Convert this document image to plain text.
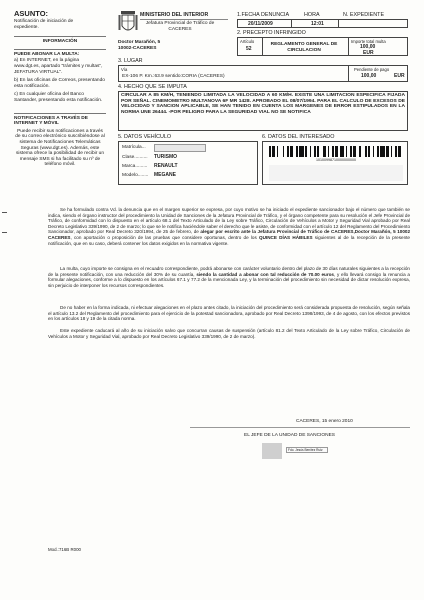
ASUNTO:
Notificación de iniciación de expediente.
INFORMACIÓN
PUEDE ABONAR LA MULTA:
a) En INTERNET, en la página www.dgt.es, apartado "trámites y multas", JEFATURA VIRTUAL".
b) En las oficinas de Correos, presentando esta notificación.
c) En cualquier oficina del Banco Santander, presentando esta notificación.
NOTIFICACIONES A TRAVÉS DE INTERNET Y MÓVIL
Puede recibir sus notificaciones a través de su correo electrónico suscribiéndose al sistema de Notificaciones Telemáticas Seguras (www.dgt.es). Además, este sistema ofrece la posibilidad de recibir un mensaje SMS si ha facilitado su nº de teléfono móvil.
MINISTERIO DEL INTERIOR
Jefatura Provincial de Tráfico de CACERES
Doctor Marañón, 5
10002-CACERES
1.FECHA DENUNCIA	HORA	N. EXPEDIENTE
20/11/2009	12:01
2. PRECEPTO INFRINGIDO
Artículo
52
REGLAMENTO GENERAL DE CIRCULACION
Importe total multa
100,00
EUR
3. LUGAR
Vía
EX-106 P. Km.:63.9 sentido:CORIA (CACERES)
Pendiente de pago
100,00	EUR
4. HECHO QUE SE IMPUTA
CIRCULAR A 85 KM/H, TENIENDO LIMITADA LA VELOCIDAD A 60 KM/H. EXISTE UNA LIMITACION ESPECIFICA FIJADA POR SEÑAL. CINEMOMETRO MULTANOVA 6F MR 1428. APROBADO EL 08/07/1994. PARA EL CALCULO DE EXCESOS DE VELOCIDAD Y SANCION APLICABLE, SE HAN TENIDO EN CUENTA LOS MARGENES DE ERROR ESTIPULADOS EN LA NORMA UNE 26444. -POR PELIGRO PARA LA SEGURIDAD VIAL NO SE NOTIFICA
5. DATOS VEHÍCULO	6. DATOS DEL INTERESADO
Matrícula...
Clase.......... TURISMO
Marca......... RENAULT
Modelo........ MEGANE
10100998710000000000
Se ha formulado contra Vd. la denuncia que en el margen superior se expresa, por cuyo motivo se ha iniciado el expediente sancionador bajo el número que también se indica, siendo el órgano instructor del procedimiento la Unidad de Sanciones de la Jefatura Provincial de Tráfico, y el órgano competente para su resolución el Jefe Provincial de Tráfico, de conformidad con lo dispuesto en el artículo 68.1 del Texto Articulado de la Ley sobre Tráfico, Circulación de Vehículos a Motor y Seguridad Vial aprobado por Real Decreto Legislativo 339/1990, de 2 de marzo; lo que se le notifica haciéndole saber el derecho que le asiste, de conformidad con el artículo 12 del Reglamento del Procedimiento Sancionador, aprobado por Real Decreto 320/1994, de 25 de febrero, de alegar por escrito ante la Jefatura Provincial de Tráfico de CACERES,Doctor Marañón, 5 10002 CACERES, con aportación o proposición de las pruebas que considere oportunas, dentro de los QUINCE DÍAS HÁBILES siguientes al de la recepción de la presente notificación, que en su caso, deberá contener los datos exigidos en la normativa vigente.
La multa, cuyo importe se consigna en el recuadro correspondiente, podrá abonarse con carácter voluntario dentro del plazo de 30 días naturales siguientes a la recepción de la presente notificación, con una reducción del 30% de su cuantía, siendo la cantidad a abonar con tal reducción de 70.00 euros, y ello llevará consigo la renuncia a formular alegaciones, conforme a lo dispuesto en los artículos 67.1 y 77.2 de la mencionada Ley, y la terminación del procedimiento sin necesidad de dictar resolución expresa, sin perjuicio de interponer los recursos correspondientes.
De no haber en la forma indicada, ni efectuar alegaciones en el plazo antes citado, la iniciación del procedimiento será considerada propuesta de resolución, según señala el artículo 13.2 del Reglamento del procedimiento para el ejercicio de la potestad sancionadora, aprobado por Real Decreto 1398/1993, de 4 de agosto, con los efectos previstos en los artículos 18 y 19 de la citada norma.
Este expediente caducará al año de su iniciación salvo que concurran causas de suspensión (artículo 81.2 del Texto Articulado de la Ley sobre Tráfico, Circulación de Vehículos a Motor y Seguridad Vial, aprobado por Real Decreto Legislativo 339/1990, de 2 de marzo).
CACERES, 15 enero 2010
EL JEFE DE LA UNIDAD DE SANCIONES
Fdo. Jesús Benítez Ruiz
Mod.:716B R000
